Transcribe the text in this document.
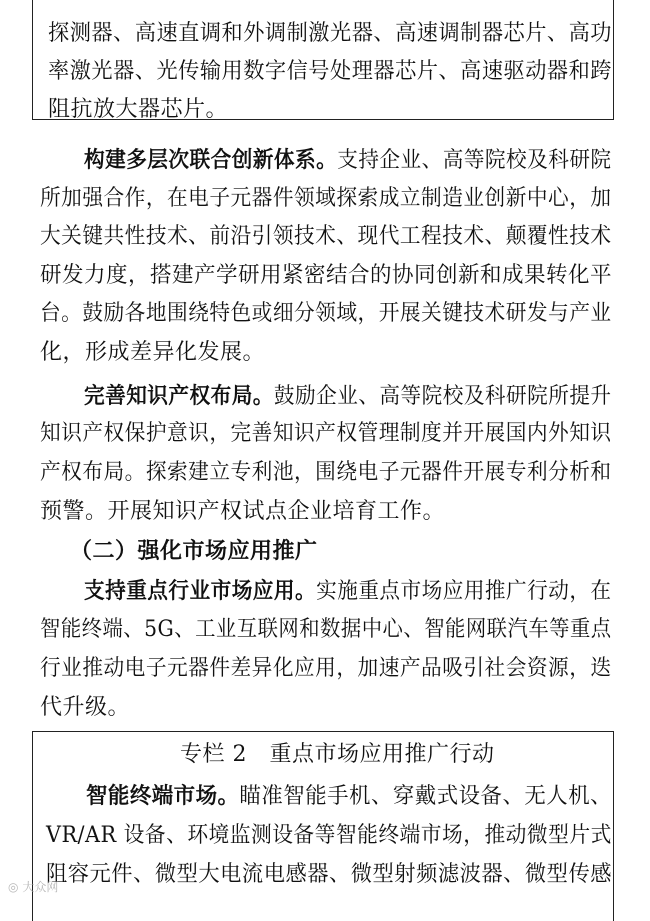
探测器、高速直调和外调制激光器、高速调制器芯片、高功
率激光器、光传输用数字信号处理器芯片、高速驱动器和跨
阻抗放大器芯片。
构建多层次联合创新体系。支持企业、高等院校及科研院
所加强合作，在电子元器件领域探索成立制造业创新中心，加
大关键共性技术、前沿引领技术、现代工程技术、颠覆性技术
研发力度，搭建产学研用紧密结合的协同创新和成果转化平
台。鼓励各地围绕特色或细分领域，开展关键技术研发与产业
化，形成差异化发展。
完善知识产权布局。鼓励企业、高等院校及科研院所提升
知识产权保护意识，完善知识产权管理制度并开展国内外知识
产权布局。探索建立专利池，围绕电子元器件开展专利分析和
预警。开展知识产权试点企业培育工作。
（二）强化市场应用推广
支持重点行业市场应用。实施重点市场应用推广行动，在
智能终端、5G、工业互联网和数据中心、智能网联汽车等重点
行业推动电子元器件差异化应用，加速产品吸引社会资源，迭
代升级。
专栏 2　重点市场应用推广行动
智能终端市场。瞄准智能手机、穿戴式设备、无人机、
VR/AR 设备、环境监测设备等智能终端市场，推动微型片式
阻容元件、微型大电流电感器、微型射频滤波器、微型传感
◎ 大众网
